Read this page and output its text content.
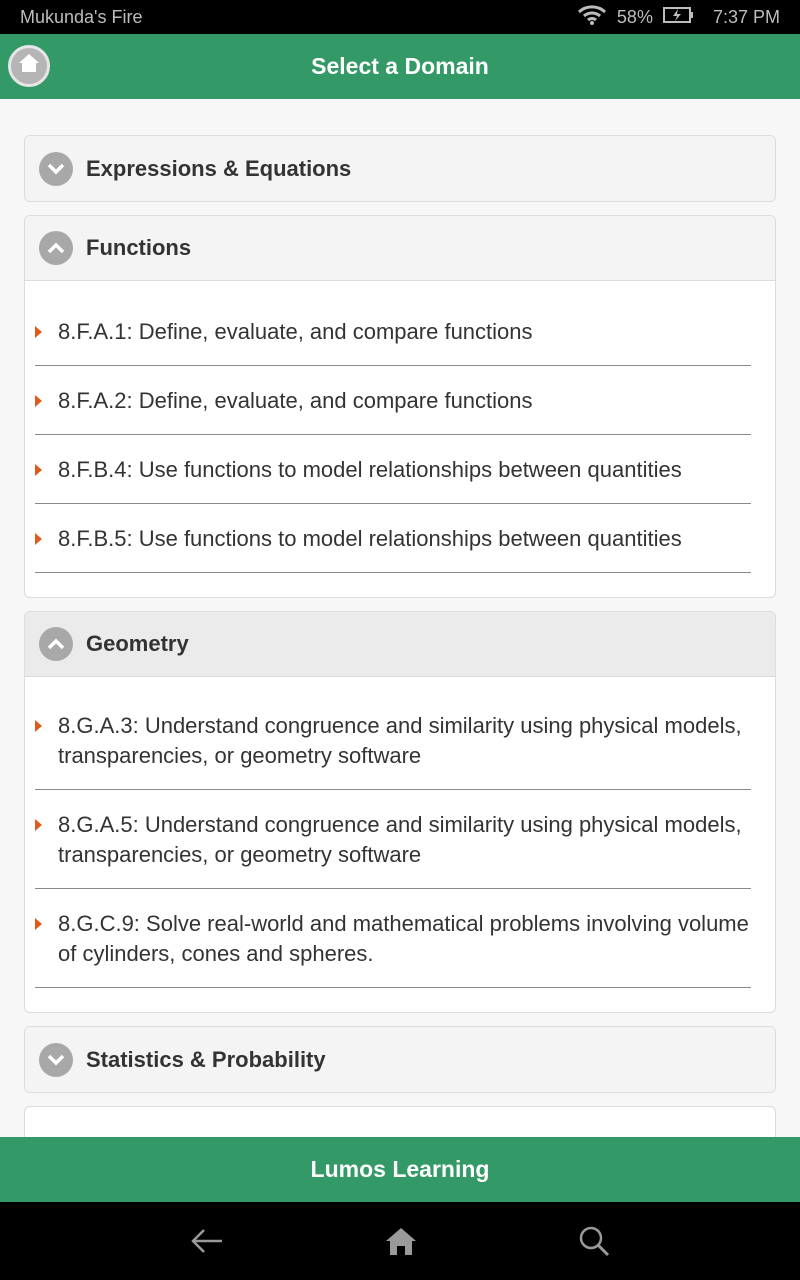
Mukunda's Fire	58%	7:37 PM
Select a Domain
Expressions & Equations
Functions
8.F.A.1: Define, evaluate, and compare functions
8.F.A.2: Define, evaluate, and compare functions
8.F.B.4: Use functions to model relationships between quantities
8.F.B.5: Use functions to model relationships between quantities
Geometry
8.G.A.3: Understand congruence and similarity using physical models, transparencies, or geometry software
8.G.A.5: Understand congruence and similarity using physical models, transparencies, or geometry software
8.G.C.9: Solve real-world and mathematical problems involving volume of cylinders, cones and spheres.
Statistics & Probability
Lumos Learning
